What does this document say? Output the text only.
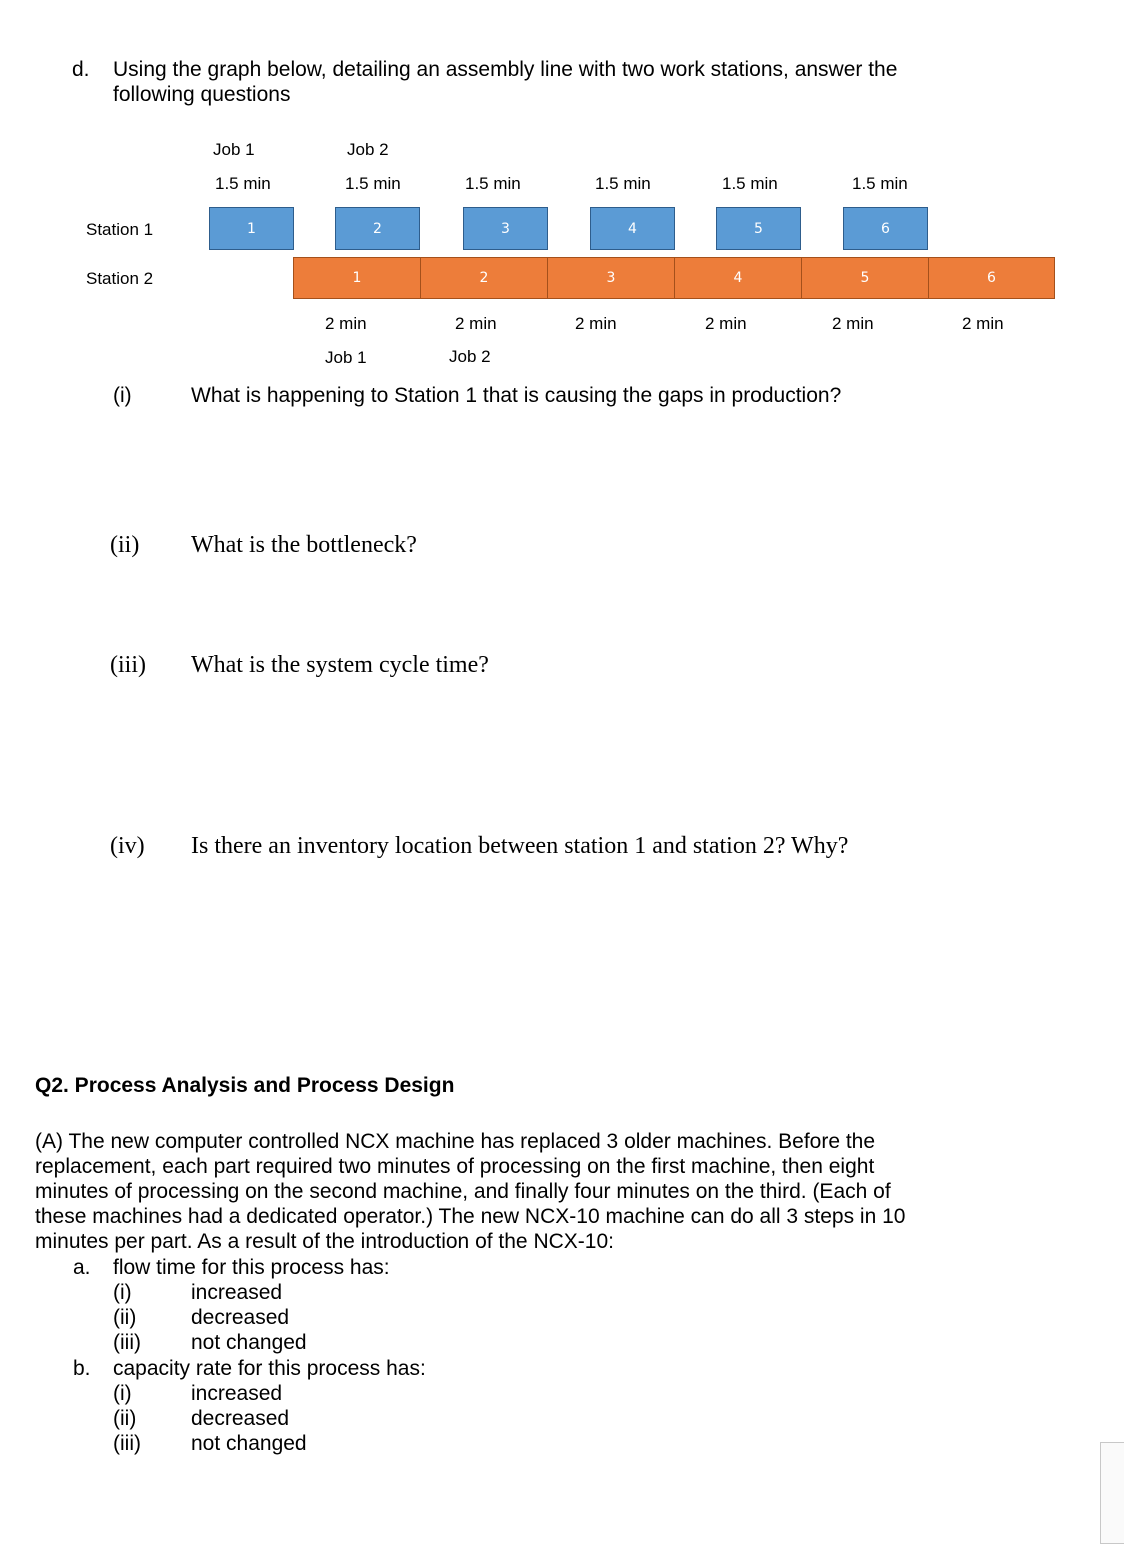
d. Using the graph below, detailing an assembly line with two work stations, answer the
following questions
Job 1	Job 2
1.5 min	1.5 min	1.5 min	1.5 min	1.5 min	1.5 min
Station 1
Station 2
1	2	3	4	5	6
1	2	3	4	5	6
2 min	2 min	2 min	2 min	2 min	2 min
Job 1	Job 2
(i)	What is happening to Station 1 that is causing the gaps in production?
(ii) What is the bottleneck?
(iii) What is the system cycle time?
(iv) Is there an inventory location between station 1 and station 2? Why?
Q2. Process Analysis and Process Design
(A) The new computer controlled NCX machine has replaced 3 older machines. Before the
replacement, each part required two minutes of processing on the first machine, then eight
minutes of processing on the second machine, and finally four minutes on the third. (Each of
these machines had a dedicated operator.) The new NCX-10 machine can do all 3 steps in 10
minutes per part. As a result of the introduction of the NCX-10:
a. flow time for this process has:
(i)	increased
(ii)	decreased
(iii) not changed
b. capacity rate for this process has:
(i)	increased
(ii)	decreased
(iii) not changed
